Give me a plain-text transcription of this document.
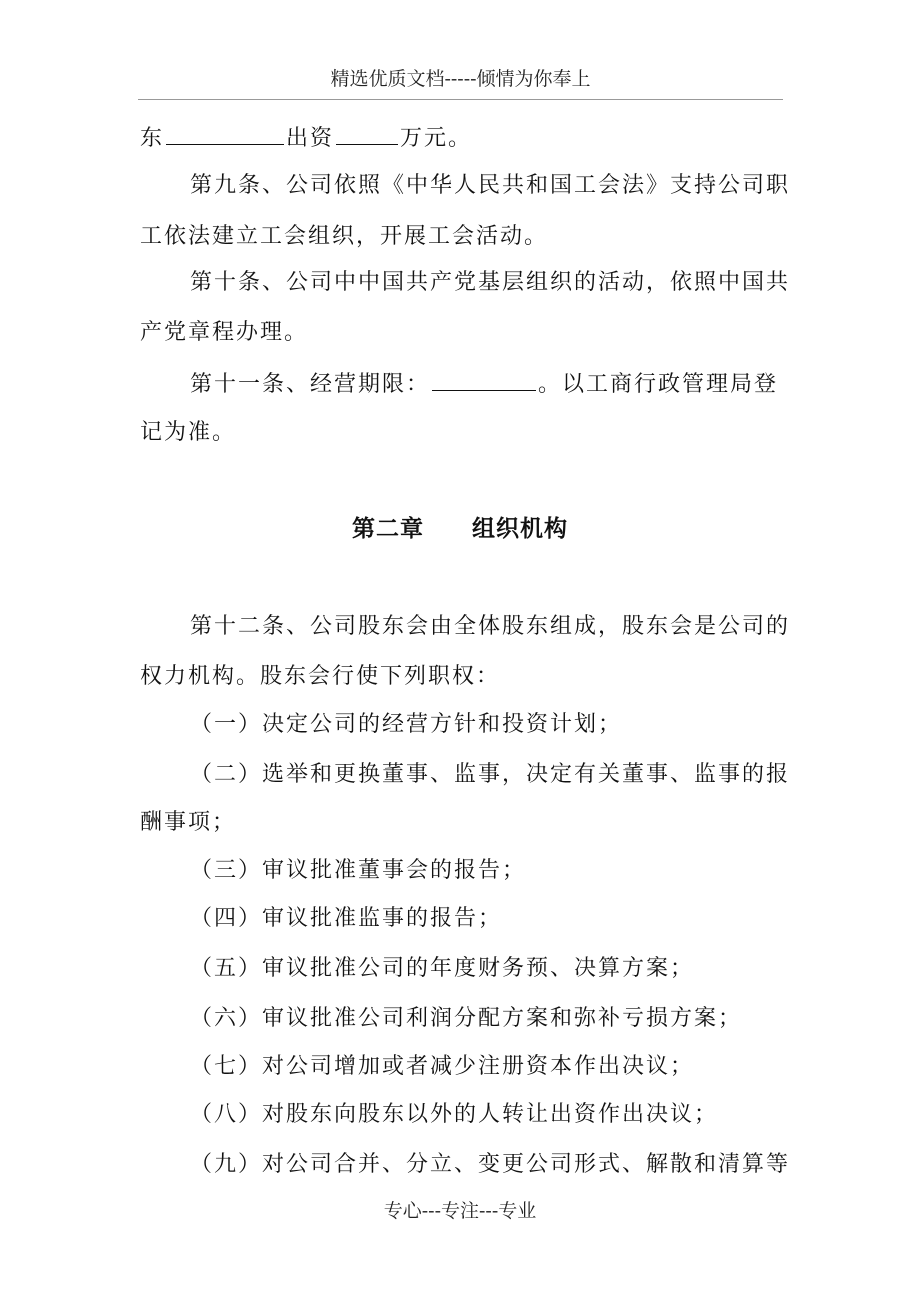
精选优质文档-----倾情为你奉上
东	出资	万元。
第九条、公司依照《中华人民共和国工会法》支持公司职
工依法建立工会组织，开展工会活动。
第十条、公司中中国共产党基层组织的活动，依照中国共
产党章程办理。
第十一条、经营期限：	。以工商行政管理局登
记为准。
第二章 组织机构
第十二条、公司股东会由全体股东组成，股东会是公司的
权力机构。股东会行使下列职权：
（一）决定公司的经营方针和投资计划；
（二）选举和更换董事、监事，决定有关董事、监事的报
酬事项；
（三）审议批准董事会的报告；
（四）审议批准监事的报告；
（五）审议批准公司的年度财务预、决算方案；
（六）审议批准公司利润分配方案和弥补亏损方案；
（七）对公司增加或者减少注册资本作出决议；
（八）对股东向股东以外的人转让出资作出决议；
（九）对公司合并、分立、变更公司形式、解散和清算等
专心---专注---专业
